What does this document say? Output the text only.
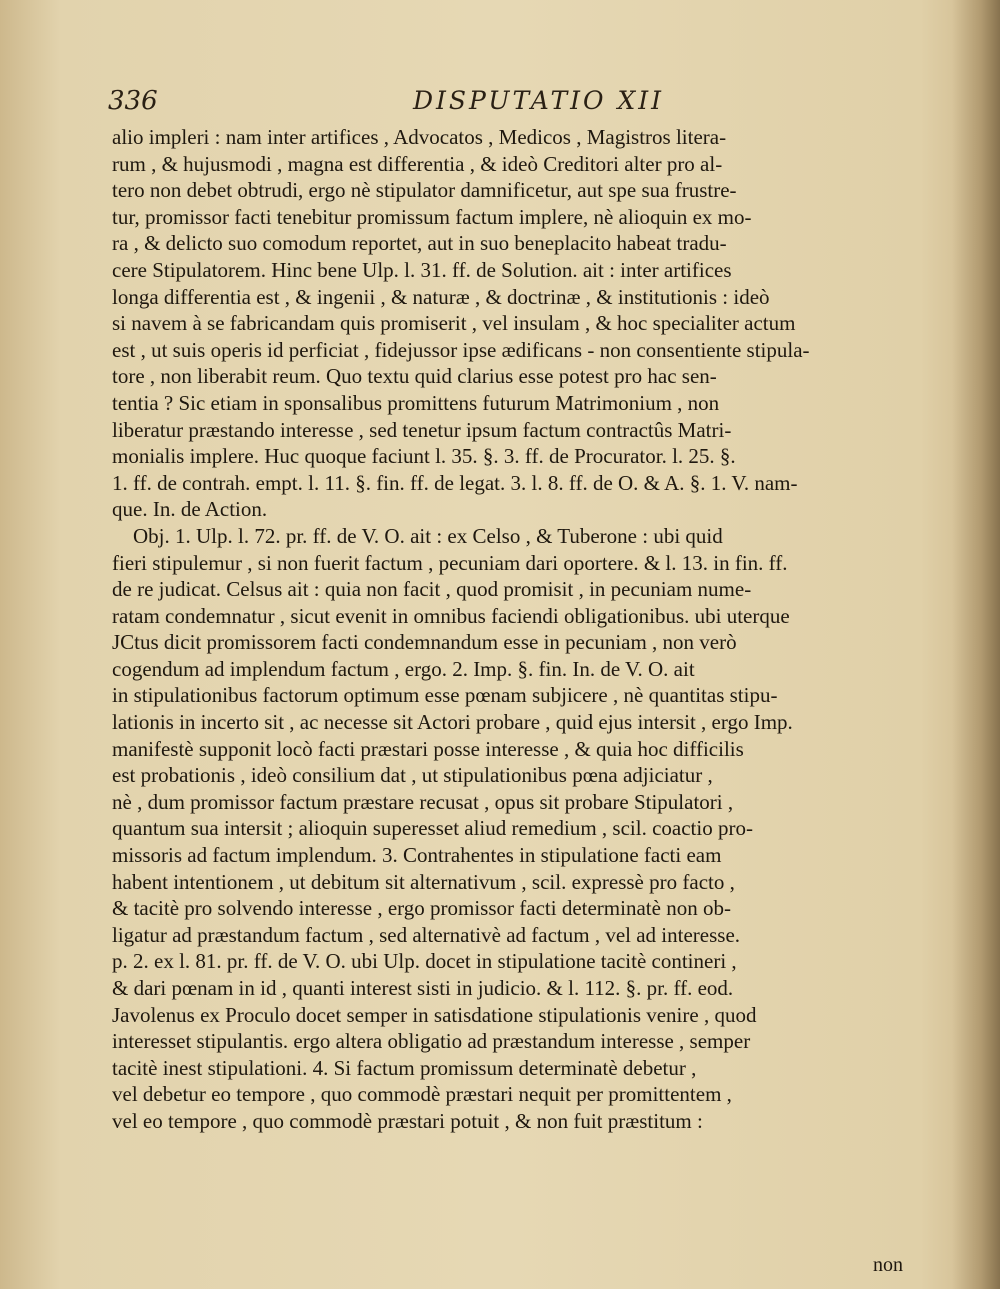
336	DISPUTATIO XII
alio impleri : nam inter artifices , Advocatos , Medicos , Magistros litera-
rum , & hujusmodi , magna est differentia , & ideò Creditori alter pro al-
tero non debet obtrudi, ergo nè stipulator damnificetur, aut spe sua frustre-
tur, promissor facti tenebitur promissum factum implere, nè alioquin ex mo-
ra , & delicto suo comodum reportet, aut in suo beneplacito habeat tradu-
cere Stipulatorem. Hinc bene Ulp. l. 31. ff. de Solution. ait : inter artifices
longa differentia est , & ingenii , & naturæ , & doctrinæ , & institutionis : ideò
si navem à se fabricandam quis promiserit , vel insulam , & hoc specialiter actum
est , ut suis operis id perficiat , fidejussor ipse ædificans - non consentiente stipula-
tore , non liberabit reum. Quo textu quid clarius esse potest pro hac sen-
tentia ? Sic etiam in sponsalibus promittens futurum Matrimonium , non
liberatur præstando interesse , sed tenetur ipsum factum contractûs Matri-
monialis implere. Huc quoque faciunt l. 35. §. 3. ff. de Procurator. l. 25. §.
1. ff. de contrah. empt. l. 11. §. fin. ff. de legat. 3. l. 8. ff. de O. & A. §. 1. V. nam-
que. In. de Action.
Obj. 1. Ulp. l. 72. pr. ff. de V. O. ait : ex Celso , & Tuberone : ubi quid
fieri stipulemur , si non fuerit factum , pecuniam dari oportere. & l. 13. in fin. ff.
de re judicat. Celsus ait : quia non facit , quod promisit , in pecuniam nume-
ratam condemnatur , sicut evenit in omnibus faciendi obligationibus. ubi uterque
JCtus dicit promissorem facti condemnandum esse in pecuniam , non verò
cogendum ad implendum factum , ergo. 2. Imp. §. fin. In. de V. O. ait
in stipulationibus factorum optimum esse pœnam subjicere , nè quantitas stipu-
lationis in incerto sit , ac necesse sit Actori probare , quid ejus intersit , ergo Imp.
manifestè supponit locò facti præstari posse interesse , & quia hoc difficilis
est probationis , ideò consilium dat , ut stipulationibus pœna adjiciatur ,
nè , dum promissor factum præstare recusat , opus sit probare Stipulatori ,
quantum sua intersit ; alioquin superesset aliud remedium , scil. coactio pro-
missoris ad factum implendum. 3. Contrahentes in stipulatione facti eam
habent intentionem , ut debitum sit alternativum , scil. expressè pro facto ,
& tacitè pro solvendo interesse , ergo promissor facti determinatè non ob-
ligatur ad præstandum factum , sed alternativè ad factum , vel ad interesse.
p. 2. ex l. 81. pr. ff. de V. O. ubi Ulp. docet in stipulatione tacitè contineri ,
& dari pœnam in id , quanti interest sisti in judicio. & l. 112. §. pr. ff. eod.
Javolenus ex Proculo docet semper in satisdatione stipulationis venire , quod
interesset stipulantis. ergo altera obligatio ad præstandum interesse , semper
tacitè inest stipulationi. 4. Si factum promissum determinatè debetur ,
vel debetur eo tempore , quo commodè præstari nequit per promittentem ,
vel eo tempore , quo commodè præstari potuit , & non fuit præstitum :
non
